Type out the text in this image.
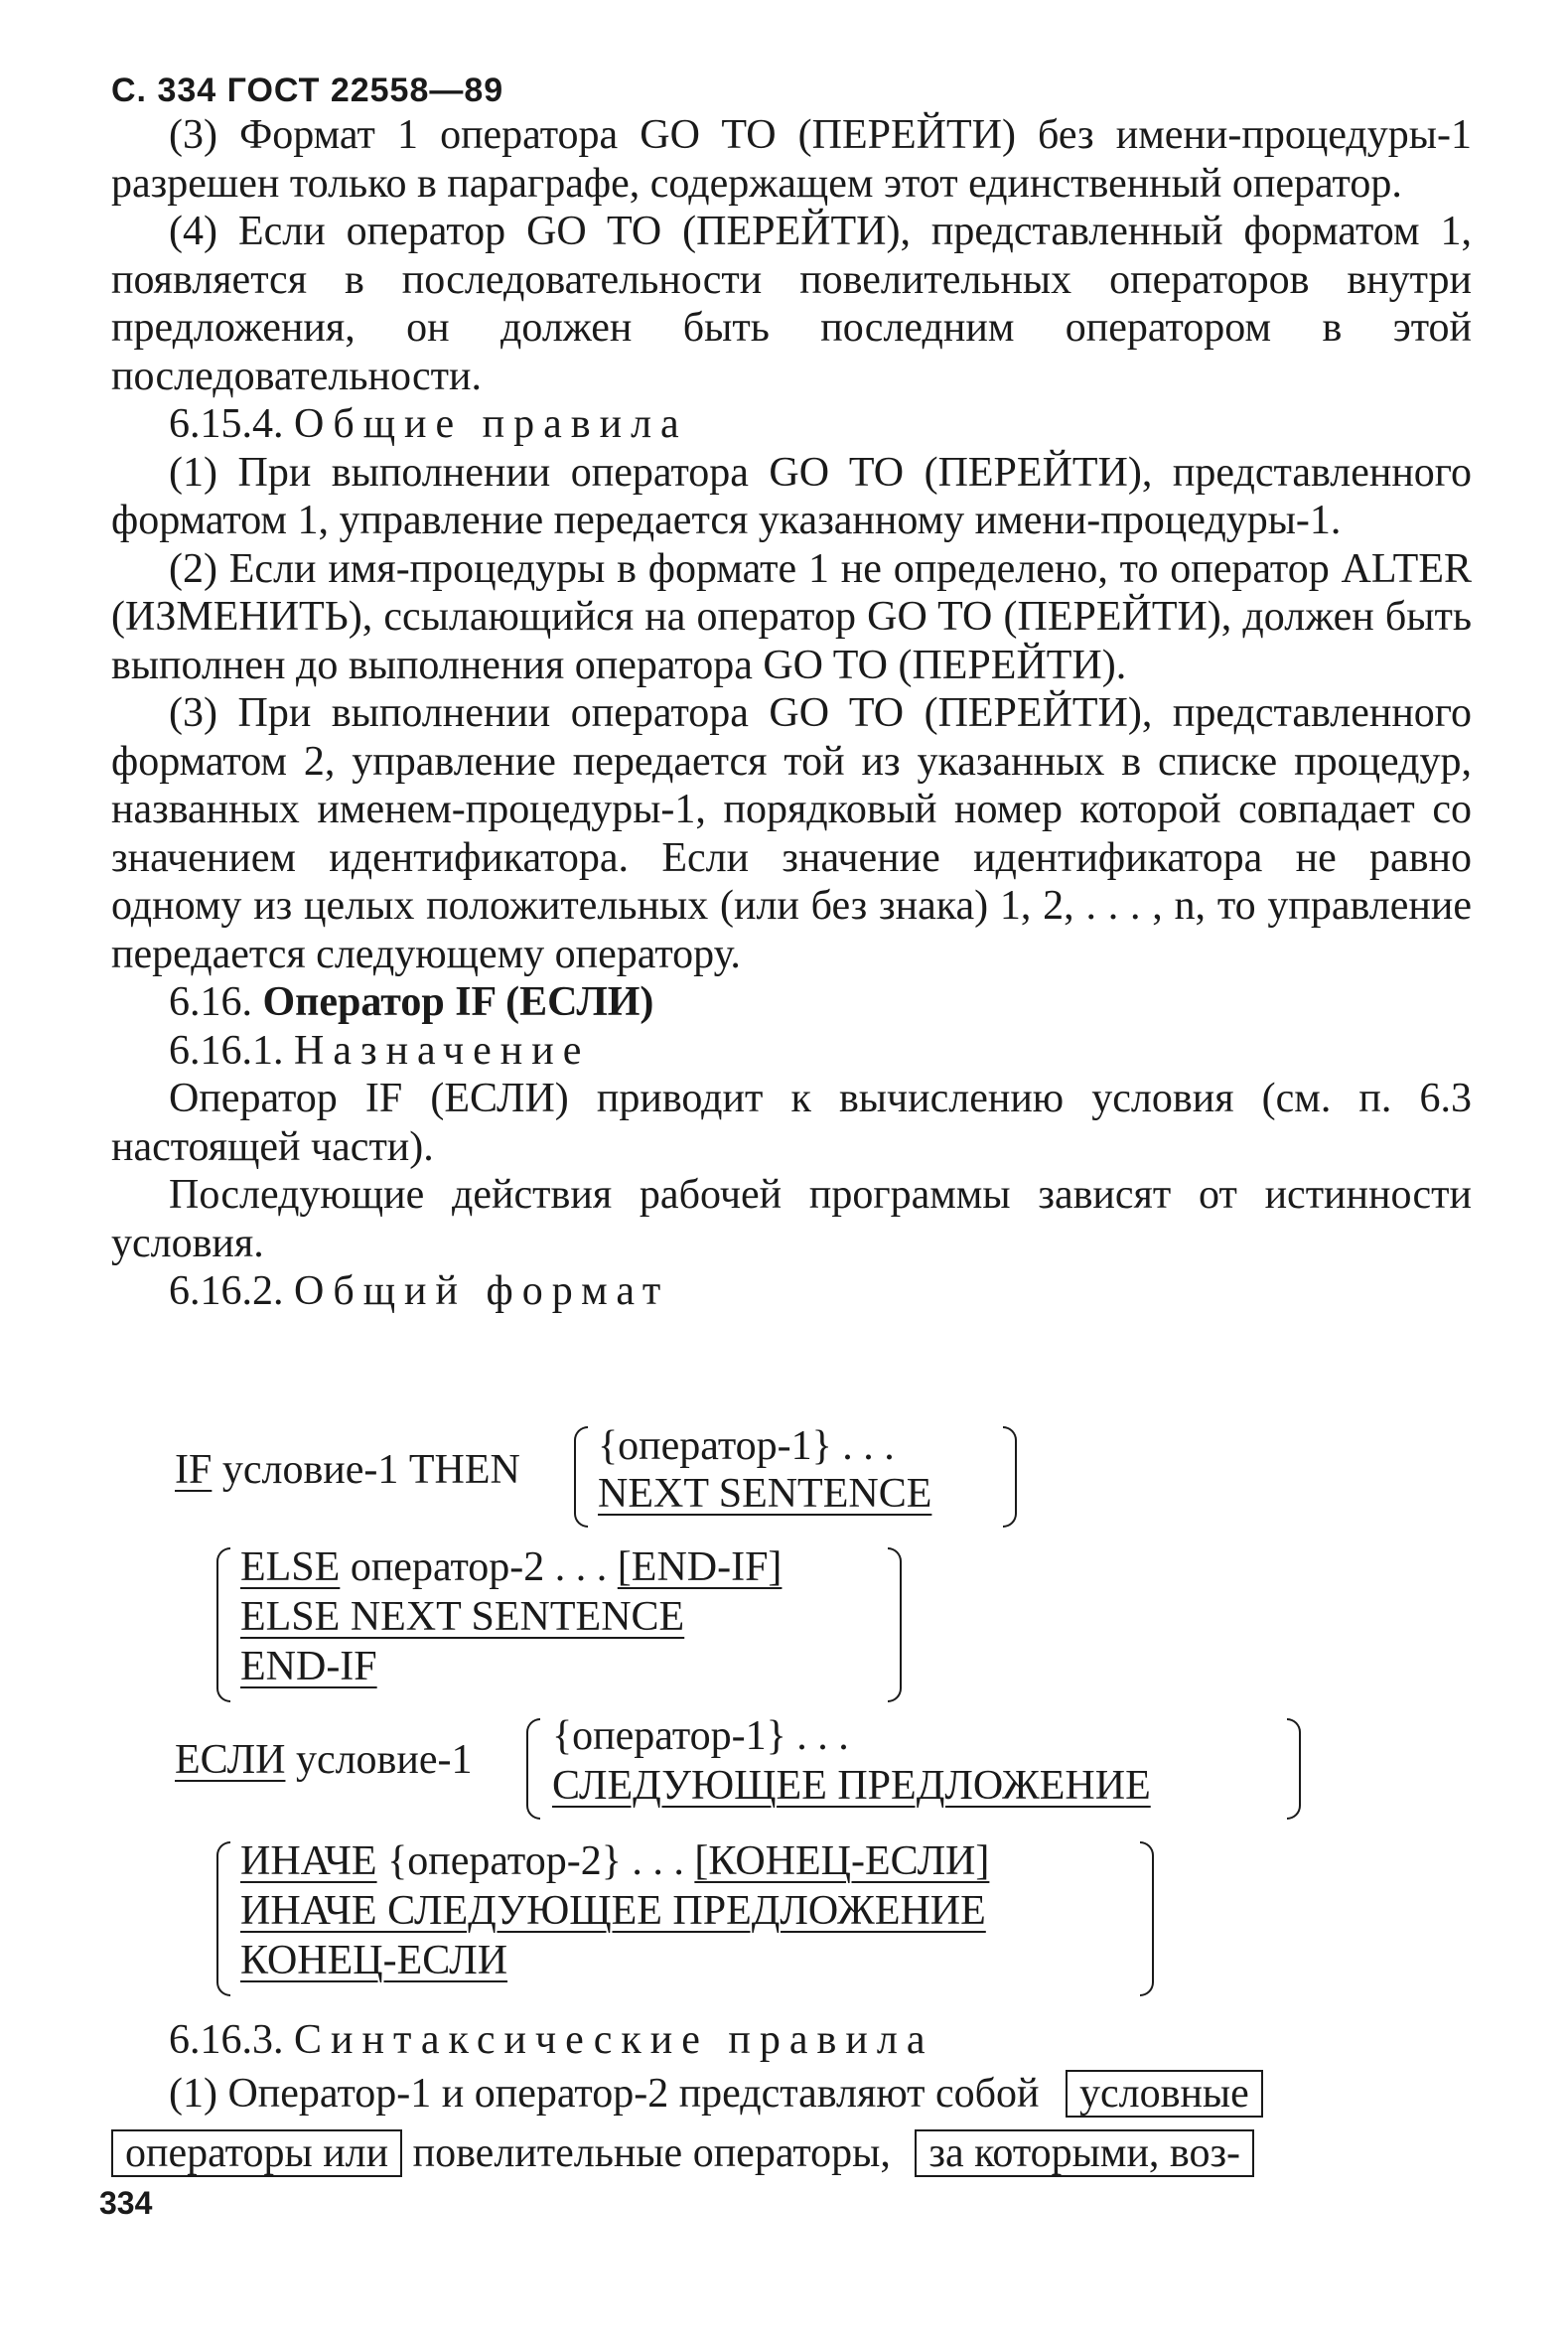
С. 334 ГОСТ 22558—89

(3) Формат 1 оператора GO TO (ПЕРЕЙТИ) без имени-процедуры-1 разрешен только в параграфе, содержащем этот единственный оператор.

(4) Если оператор GO TO (ПЕРЕЙТИ), представленный форматом 1, появляется в последовательности повелительных операторов внутри предложения, он должен быть последним оператором в этой последовательности.

6.15.4. Общие правила

(1) При выполнении оператора GO TO (ПЕРЕЙТИ), представленного форматом 1, управление передается указанному имени-процедуры-1.

(2) Если имя-процедуры в формате 1 не определено, то оператор ALTER (ИЗМЕНИТЬ), ссылающийся на оператор GO TO (ПЕРЕЙТИ), должен быть выполнен до выполнения оператора GO TO (ПЕРЕЙТИ).

(3) При выполнении оператора GO TO (ПЕРЕЙТИ), представленного форматом 2, управление передается той из указанных в списке процедур, названных именем-процедуры-1, порядковый номер которой совпадает со значением идентификатора. Если значение идентификатора не равно одному из целых положительных (или без знака) 1, 2, . . . , n, то управление передается следующему оператору.

6.16. Оператор IF (ЕСЛИ)

6.16.1. Назначение

Оператор IF (ЕСЛИ) приводит к вычислению условия (см. п. 6.3 настоящей части).

Последующие действия рабочей программы зависят от истинности условия.

6.16.2. Общий формат

IF условие-1 THEN
{оператор-1} . . .
NEXT SENTENCE
ELSE оператор-2 . . . [END-IF]
ELSE NEXT SENTENCE
END-IF
ЕСЛИ условие-1
{оператор-1} . . .
СЛЕДУЮЩЕЕ ПРЕДЛОЖЕНИЕ
ИНАЧЕ {оператор-2} . . . [КОНЕЦ-ЕСЛИ]
ИНАЧЕ СЛЕДУЮЩЕЕ ПРЕДЛОЖЕНИЕ
КОНЕЦ-ЕСЛИ
6.16.3. Синтаксические правила
(1) Оператор-1 и оператор-2 представляют собой условные
операторы или повелительные операторы, за которыми, воз-
334
